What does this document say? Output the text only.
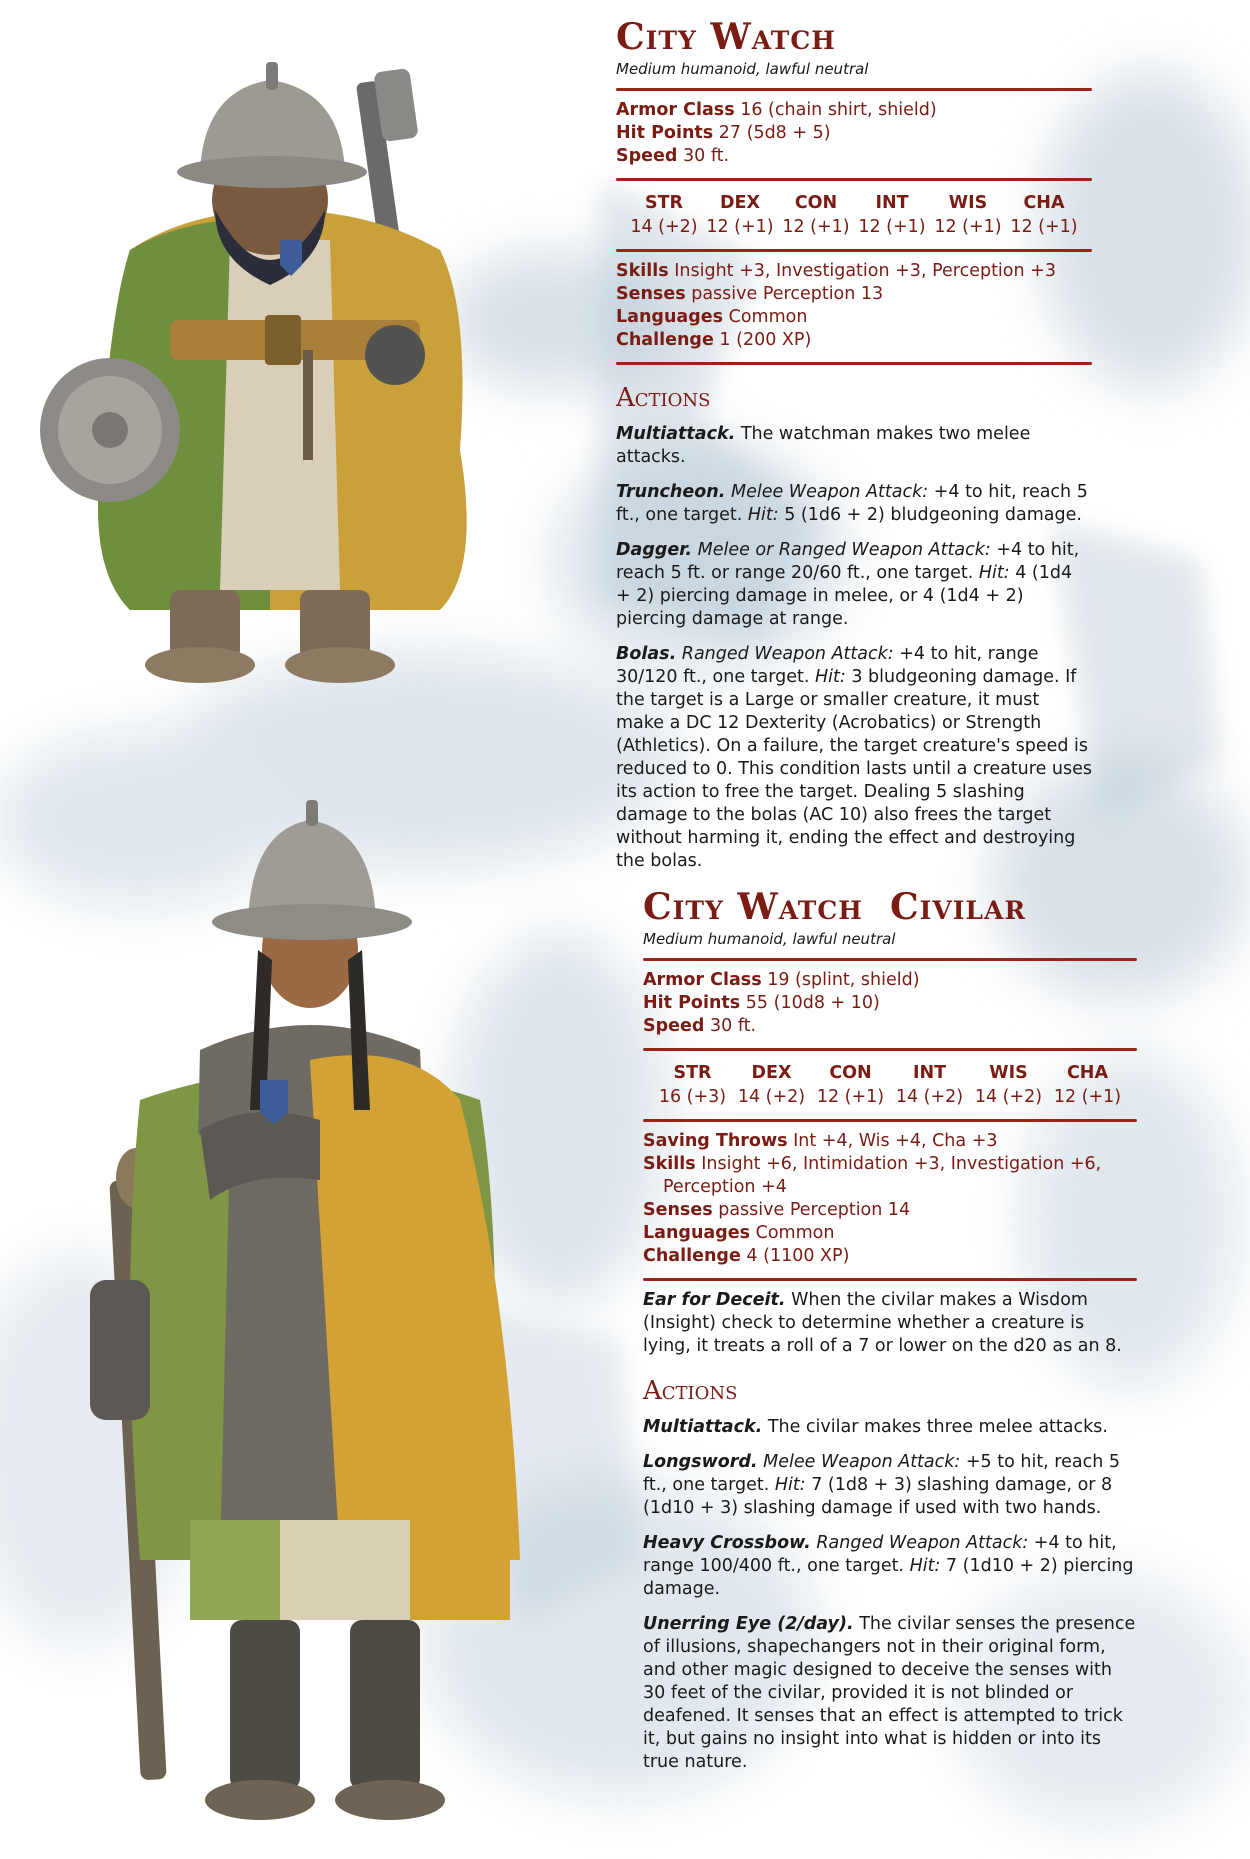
City Watch

Medium humanoid, lawful neutral

Armor Class 16 (chain shirt, shield)

Hit Points 27 (5d8 + 5)

Speed 30 ft.

STR
14 (+2)
DEX
12 (+1)
CON
12 (+1)
INT
12 (+1)
WIS
12 (+1)
CHA
12 (+1)

Skills Insight +3, Investigation +3, Perception +3

Senses passive Perception 13

Languages Common

Challenge 1 (200 XP)

Actions

Multiattack. The watchman makes two melee attacks.

Truncheon. Melee Weapon Attack: +4 to hit, reach 5 ft., one target. Hit: 5 (1d6 + 2) bludgeoning damage.

Dagger. Melee or Ranged Weapon Attack: +4 to hit, reach 5 ft. or range 20/60 ft., one target. Hit: 4 (1d4 + 2) piercing damage in melee, or 4 (1d4 + 2) piercing damage at range.

Bolas. Ranged Weapon Attack: +4 to hit, range 30/120 ft., one target. Hit: 3 bludgeoning damage. If the target is a Large or smaller creature, it must make a DC 12 Dexterity (Acrobatics) or Strength (Athletics). On a failure, the target creature's speed is reduced to 0. This condition lasts until a creature uses its action to free the target. Dealing 5 slashing damage to the bolas (AC 10) also frees the target without harming it, ending the effect and destroying the bolas.

City Watch  Civilar

Medium humanoid, lawful neutral

Armor Class 19 (splint, shield)

Hit Points 55 (10d8 + 10)

Speed 30 ft.

STR
16 (+3)
DEX
14 (+2)
CON
12 (+1)
INT
14 (+2)
WIS
14 (+2)
CHA
12 (+1)

Saving Throws Int +4, Wis +4, Cha +3

Skills Insight +6, Intimidation +3, Investigation +6,

Perception +4

Senses passive Perception 14

Languages Common

Challenge 4 (1100 XP)

Ear for Deceit. When the civilar makes a Wisdom (Insight) check to determine whether a creature is lying, it treats a roll of a 7 or lower on the d20 as an 8.

Actions

Multiattack. The civilar makes three melee attacks.

Longsword. Melee Weapon Attack: +5 to hit, reach 5 ft., one target. Hit: 7 (1d8 + 3) slashing damage, or 8 (1d10 + 3) slashing damage if used with two hands.

Heavy Crossbow. Ranged Weapon Attack: +4 to hit, range 100/400 ft., one target. Hit: 7 (1d10 + 2) piercing damage.

Unerring Eye (2/day). The civilar senses the presence of illusions, shapechangers not in their original form, and other magic designed to deceive the senses with 30 feet of the civilar, provided it is not blinded or deafened. It senses that an effect is attempted to trick it, but gains no insight into what is hidden or into its true nature.
